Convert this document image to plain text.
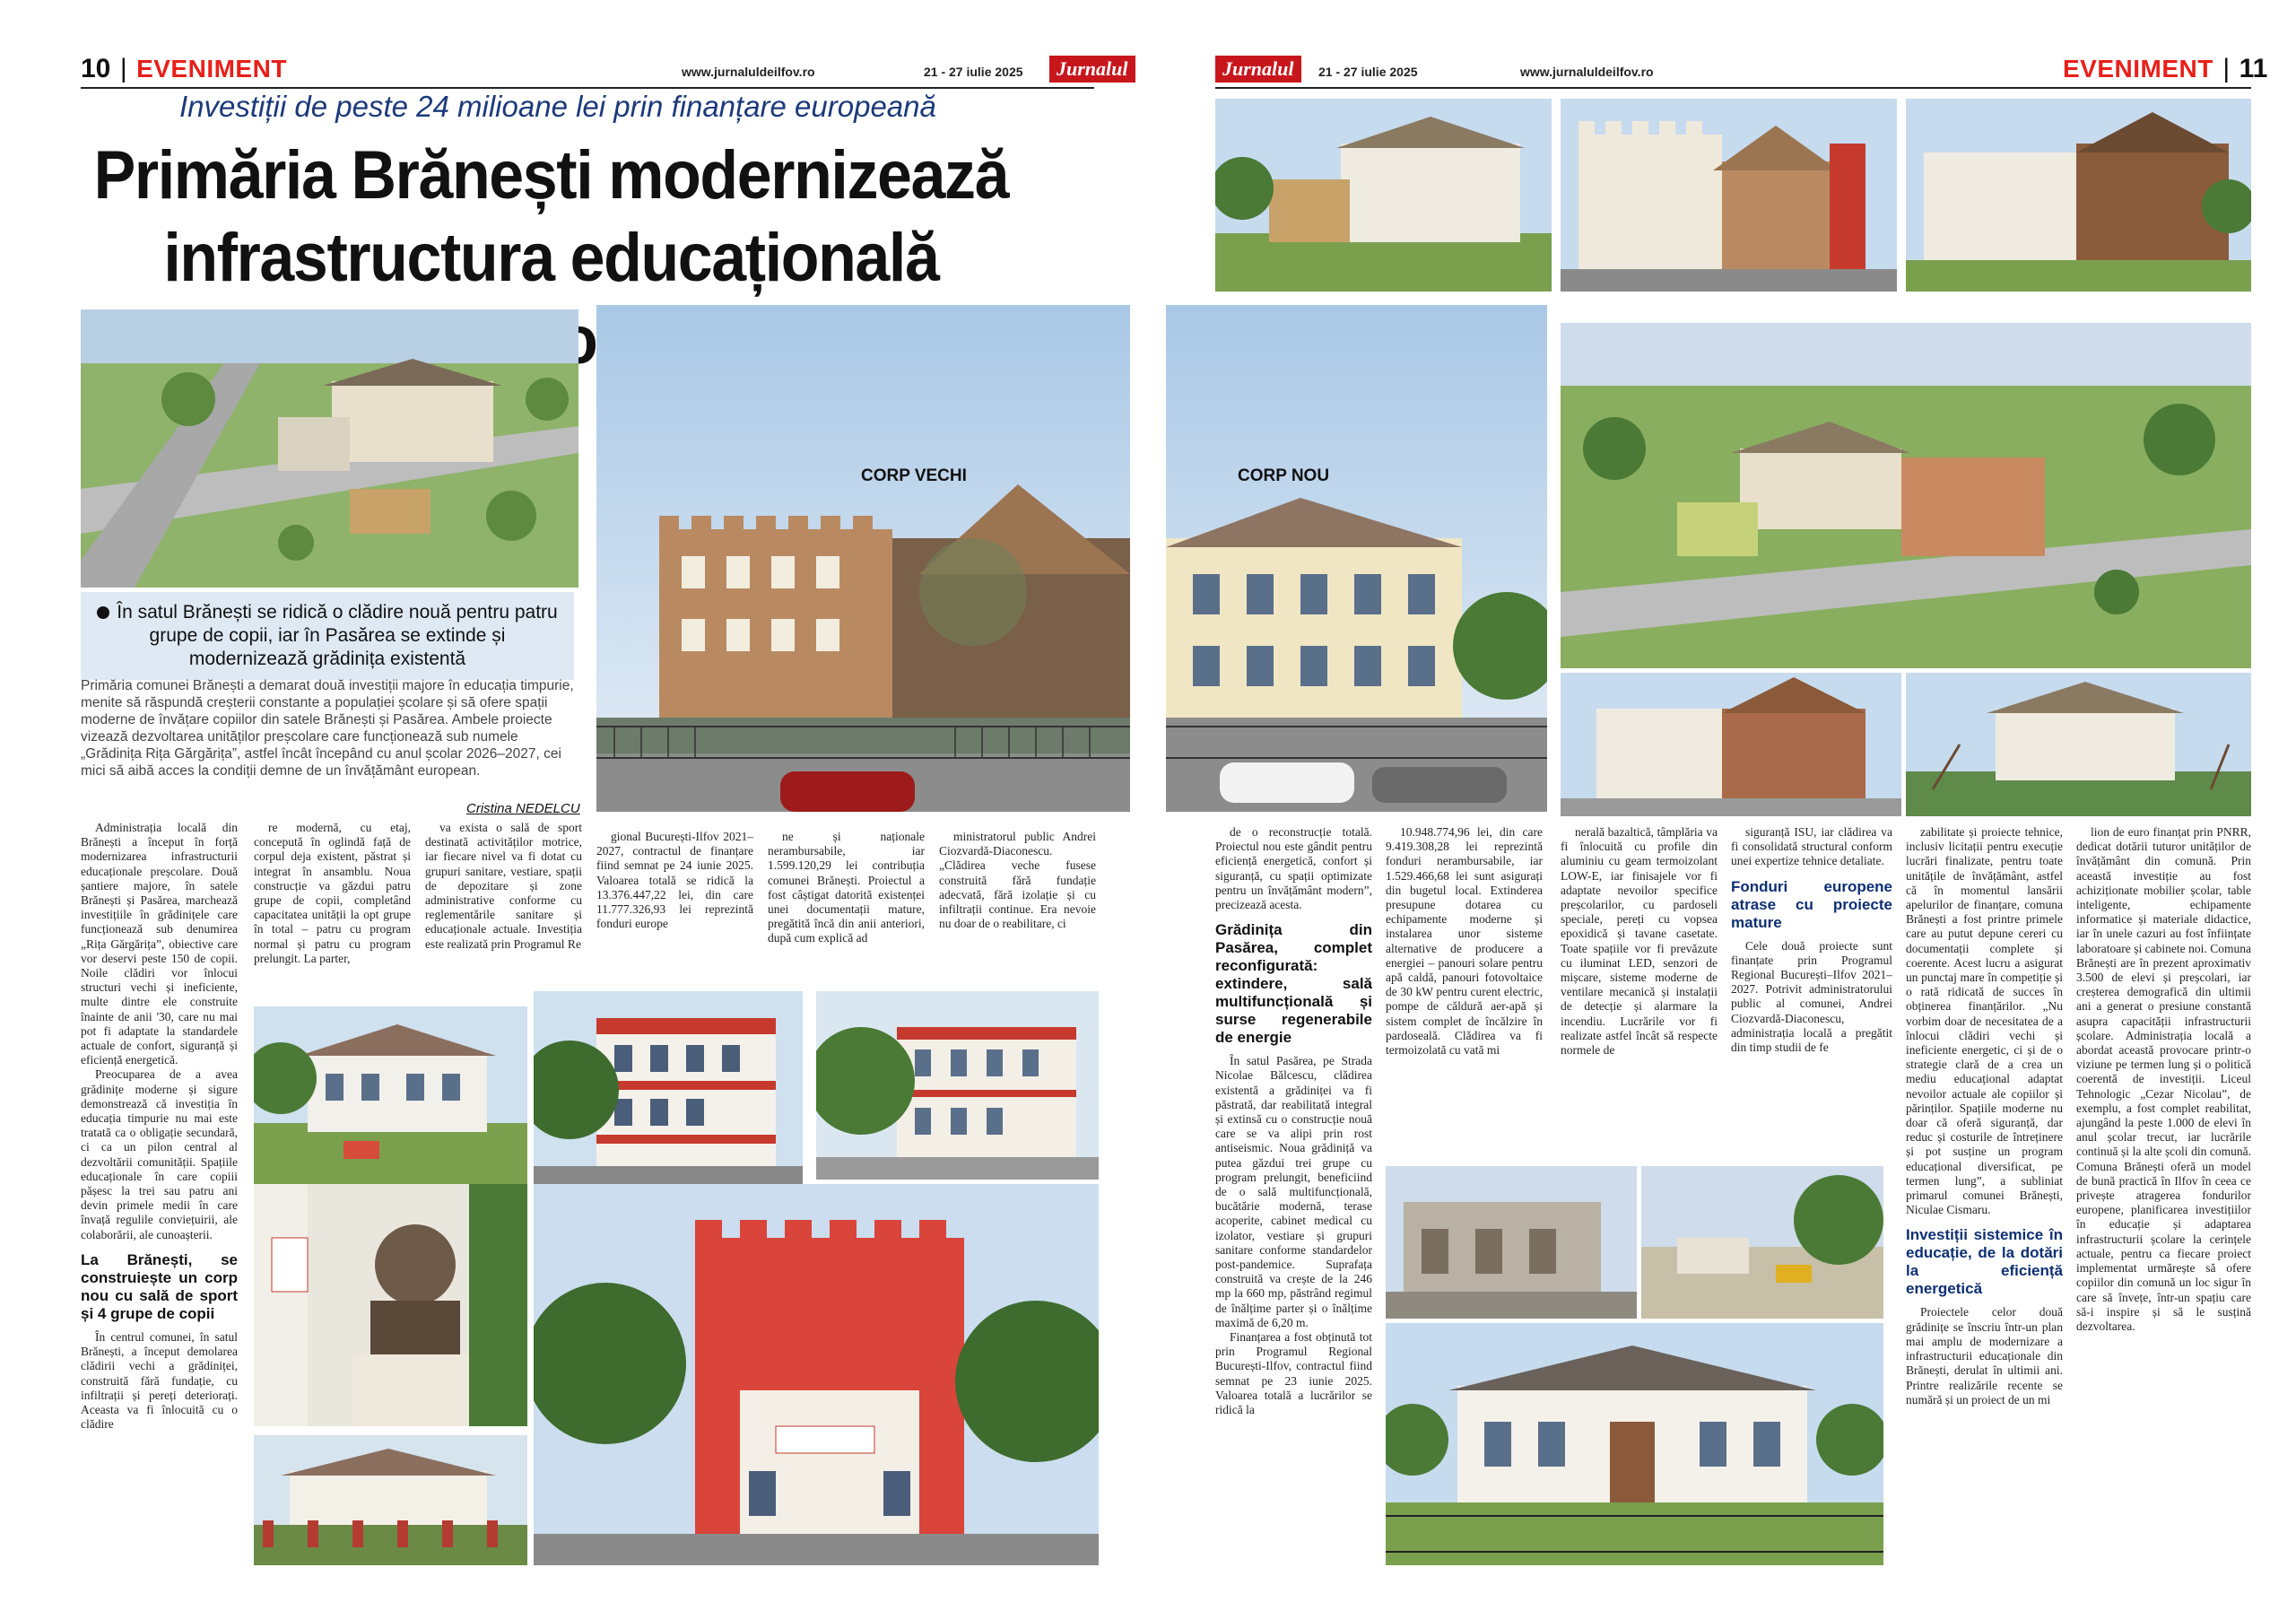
10 | EVENIMENT	www.jurnaluldeilfov.ro	21 - 27 iulie 2025	Jurnalul
Investiții de peste 24 milioane lei prin finanțare europeană
Primăria Brănești modernizează infrastructura educațională
În satul Brănești se ridică o clădire nouă pentru patru grupe de copii, iar în Pasărea se extinde și modernizează grădinița existentă
Primăria comunei Brănești a demarat două investiții majore în educația timpurie, menite să răspundă creșterii constante a populației școlare și să ofere spații moderne de învățare copiilor din satele Brănești și Pasărea. Ambele proiecte vizează dezvoltarea unităților preșcolare care funcționează sub numele „Grădinița Rița Gărgărița”, astfel încât începând cu anul școlar 2026–2027, cei mici să aibă acces la condiții demne de un învățământ european.
Cristina NEDELCU
CORP VECHI

Administrația locală din Brănești a început în forță modernizarea infrastructurii educaționale preșcolare. Două șantiere majore, în satele Brănești și Pasărea, marchează investițiile în grădinițele care funcționează sub denumirea „Rița Gărgărița”, obiective care vor deservi peste 150 de copii. Noile clădiri vor înlocui structuri vechi și ineficiente, multe dintre ele construite înainte de anii '30, care nu mai pot fi adaptate la standardele actuale de confort, siguranță și eficiență energetică.

Preocuparea de a avea grădinițe moderne și sigure demonstrează că investiția în educația timpurie nu mai este tratată ca o obligație secundară, ci ca un pilon central al dezvoltării comunității. Spațiile educaționale în care copiii pășesc la trei sau patru ani devin primele medii în care învață regulile conviețuirii, ale colaborării, ale cunoașterii.

La Brănești, se construiește un corp nou cu sală de sport și 4 grupe de copii

În centrul comunei, în satul Brănești, a început demolarea clădirii vechi a grădiniței, construită fără fundație, cu infiltrații și pereți deteriorați. Aceasta va fi înlocuită cu o clădire

re modernă, cu etaj, concepută în oglindă față de corpul deja existent, păstrat și integrat în ansamblu. Noua construcție va găzdui patru grupe de copii, completând capacitatea unității la opt grupe în total – patru cu program normal și patru cu program prelungit. La parter,

va exista o sală de sport destinată activităților motrice, iar fiecare nivel va fi dotat cu grupuri sanitare, vestiare, spații de depozitare și zone administrative conforme cu reglementările sanitare și educaționale actuale. Investiția este realizată prin Programul Re

gional București-Ilfov 2021–2027, contractul de finanțare fiind semnat pe 24 iunie 2025. Valoarea totală se ridică la 13.376.447,22 lei, din care 11.777.326,93 lei reprezintă fonduri europe

ne și naționale nerambursabile, iar 1.599.120,29 lei contribuția comunei Brănești. Proiectul a fost câștigat datorită existenței unei documentații mature, pregătită încă din anii anteriori, după cum explică ad

ministratorul public Andrei Ciozvardă-Diaconescu. „Clădirea veche fusese construită fără fundație adecvată, fără izolație și cu infiltrații continue. Era nevoie nu doar de o reabilitare, ci

Jurnalul	21 - 27 iulie 2025	www.jurnaluldeilfov.ro	EVENIMENT | 11
CORP NOU

de o reconstrucție totală. Proiectul nou este gândit pentru eficiență energetică, confort și siguranță, cu spații optimizate pentru un învățământ modern”, precizează acesta.

Grădinița din Pasărea, complet reconfigurată: extindere, sală multifuncțională și surse regenerabile de energie

În satul Pasărea, pe Strada Nicolae Bălcescu, clădirea existentă a grădiniței va fi păstrată, dar reabilitată integral și extinsă cu o construcție nouă care se va alipi prin rost antiseismic. Noua grădiniță va putea găzdui trei grupe cu program prelungit, beneficiind de o sală multifuncțională, bucătărie modernă, terase acoperite, cabinet medical cu izolator, vestiare și grupuri sanitare conforme standardelor post-pandemice. Suprafața construită va crește de la 246 mp la 660 mp, păstrând regimul de înălțime parter și o înălțime maximă de 6,20 m.

Finanțarea a fost obținută tot prin Programul Regional București-Ilfov, contractul fiind semnat pe 23 iunie 2025. Valoarea totală a lucrărilor se ridică la

10.948.774,96 lei, din care 9.419.308,28 lei reprezintă fonduri nerambursabile, iar 1.529.466,68 lei sunt asigurați din bugetul local. Extinderea presupune dotarea cu echipamente moderne și instalarea unor sisteme alternative de producere a energiei – panouri solare pentru apă caldă, panouri fotovoltaice de 30 kW pentru curent electric, pompe de căldură aer-apă și sistem complet de încălzire în pardoseală. Clădirea va fi termoizolată cu vată mi

nerală bazaltică, tâmplăria va fi înlocuită cu profile din aluminiu cu geam termoizolant LOW-E, iar finisajele vor fi adaptate nevoilor specifice preșcolarilor, cu pardoseli speciale, pereți cu vopsea epoxidică și tavane casetate. Toate spațiile vor fi prevăzute cu iluminat LED, senzori de mișcare, sisteme moderne de ventilare mecanică și instalații de detecție și alarmare la incendiu. Lucrările vor fi realizate astfel încât să respecte normele de

siguranță ISU, iar clădirea va fi consolidată structural conform unei expertize tehnice detaliate.

Fonduri europene atrase cu proiecte mature

Cele două proiecte sunt finanțate prin Programul Regional București–Ilfov 2021–2027. Potrivit administratorului public al comunei, Andrei Ciozvardă-Diaconescu, administrația locală a pregătit din timp studii de fe

zabilitate și proiecte tehnice, inclusiv licitații pentru execuție lucrări finalizate, pentru toate unitățile de învățământ, astfel că în momentul lansării apelurilor de finanțare, comuna Brănești a fost printre primele care au putut depune cereri cu documentații complete și coerente. Acest lucru a asigurat un punctaj mare în competiție și o rată ridicată de succes în obținerea finanțărilor. „Nu vorbim doar de necesitatea de a înlocui clădiri vechi și ineficiente energetic, ci și de o strategie clară de a crea un mediu educațional adaptat nevoilor actuale ale copiilor și părinților. Spațiile moderne nu doar că oferă siguranță, dar reduc și costurile de întreținere și pot susține un program educațional diversificat, pe termen lung”, a subliniat primarul comunei Brănești, Niculae Cismaru.

Investiții sistemice în educație, de la dotări la eficiență energetică

Proiectele celor două grădinițe se înscriu într-un plan mai amplu de modernizare a infrastructurii educaționale din Brănești, derulat în ultimii ani. Printre realizările recente se numără și un proiect de un mi

lion de euro finanțat prin PNRR, dedicat dotării tuturor unităților de învățământ din comună. Prin această investiție au fost achiziționate mobilier școlar, table inteligente, echipamente informatice și materiale didactice, iar în unele cazuri au fost înființate laboratoare și cabinete noi. Comuna Brănești are în prezent aproximativ 3.500 de elevi și preșcolari, iar creșterea demografică din ultimii ani a generat o presiune constantă asupra capacității infrastructurii școlare. Administrația locală a abordat această provocare printr-o viziune pe termen lung și o politică coerentă de investiții. Liceul Tehnologic „Cezar Nicolau”, de exemplu, a fost complet reabilitat, ajungând la peste 1.000 de elevi în anul școlar trecut, iar lucrările continuă și la alte școli din comună. Comuna Brănești oferă un model de bună practică în Ilfov în ceea ce privește atragerea fondurilor europene, planificarea investițiilor în educație și adaptarea infrastructurii școlare la cerințele actuale, pentru ca fiecare proiect implementat urmărește să ofere copiilor din comună un loc sigur în care să învețe, într-un spațiu care să-i inspire și să le susțină dezvoltarea.
